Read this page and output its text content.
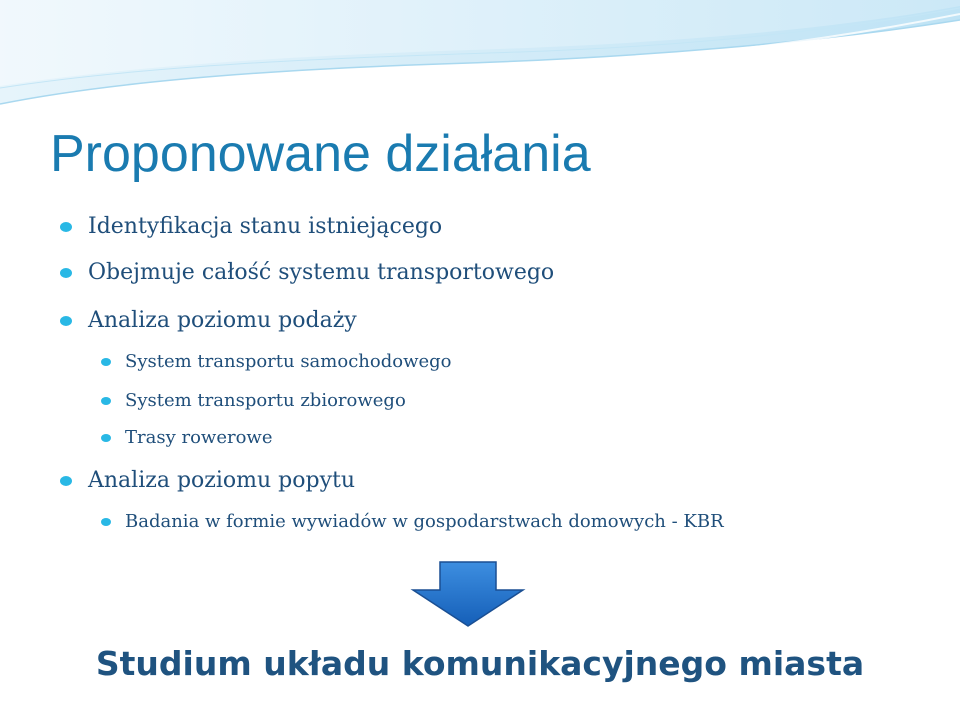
Proponowane działania
Identyfikacja stanu istniejącego
Obejmuje całość systemu transportowego
Analiza poziomu podaży
System transportu samochodowego
System transportu zbiorowego
Trasy rowerowe
Analiza poziomu popytu
Badania w formie wywiadów w gospodarstwach domowych - KBR

Studium układu komunikacyjnego miasta
